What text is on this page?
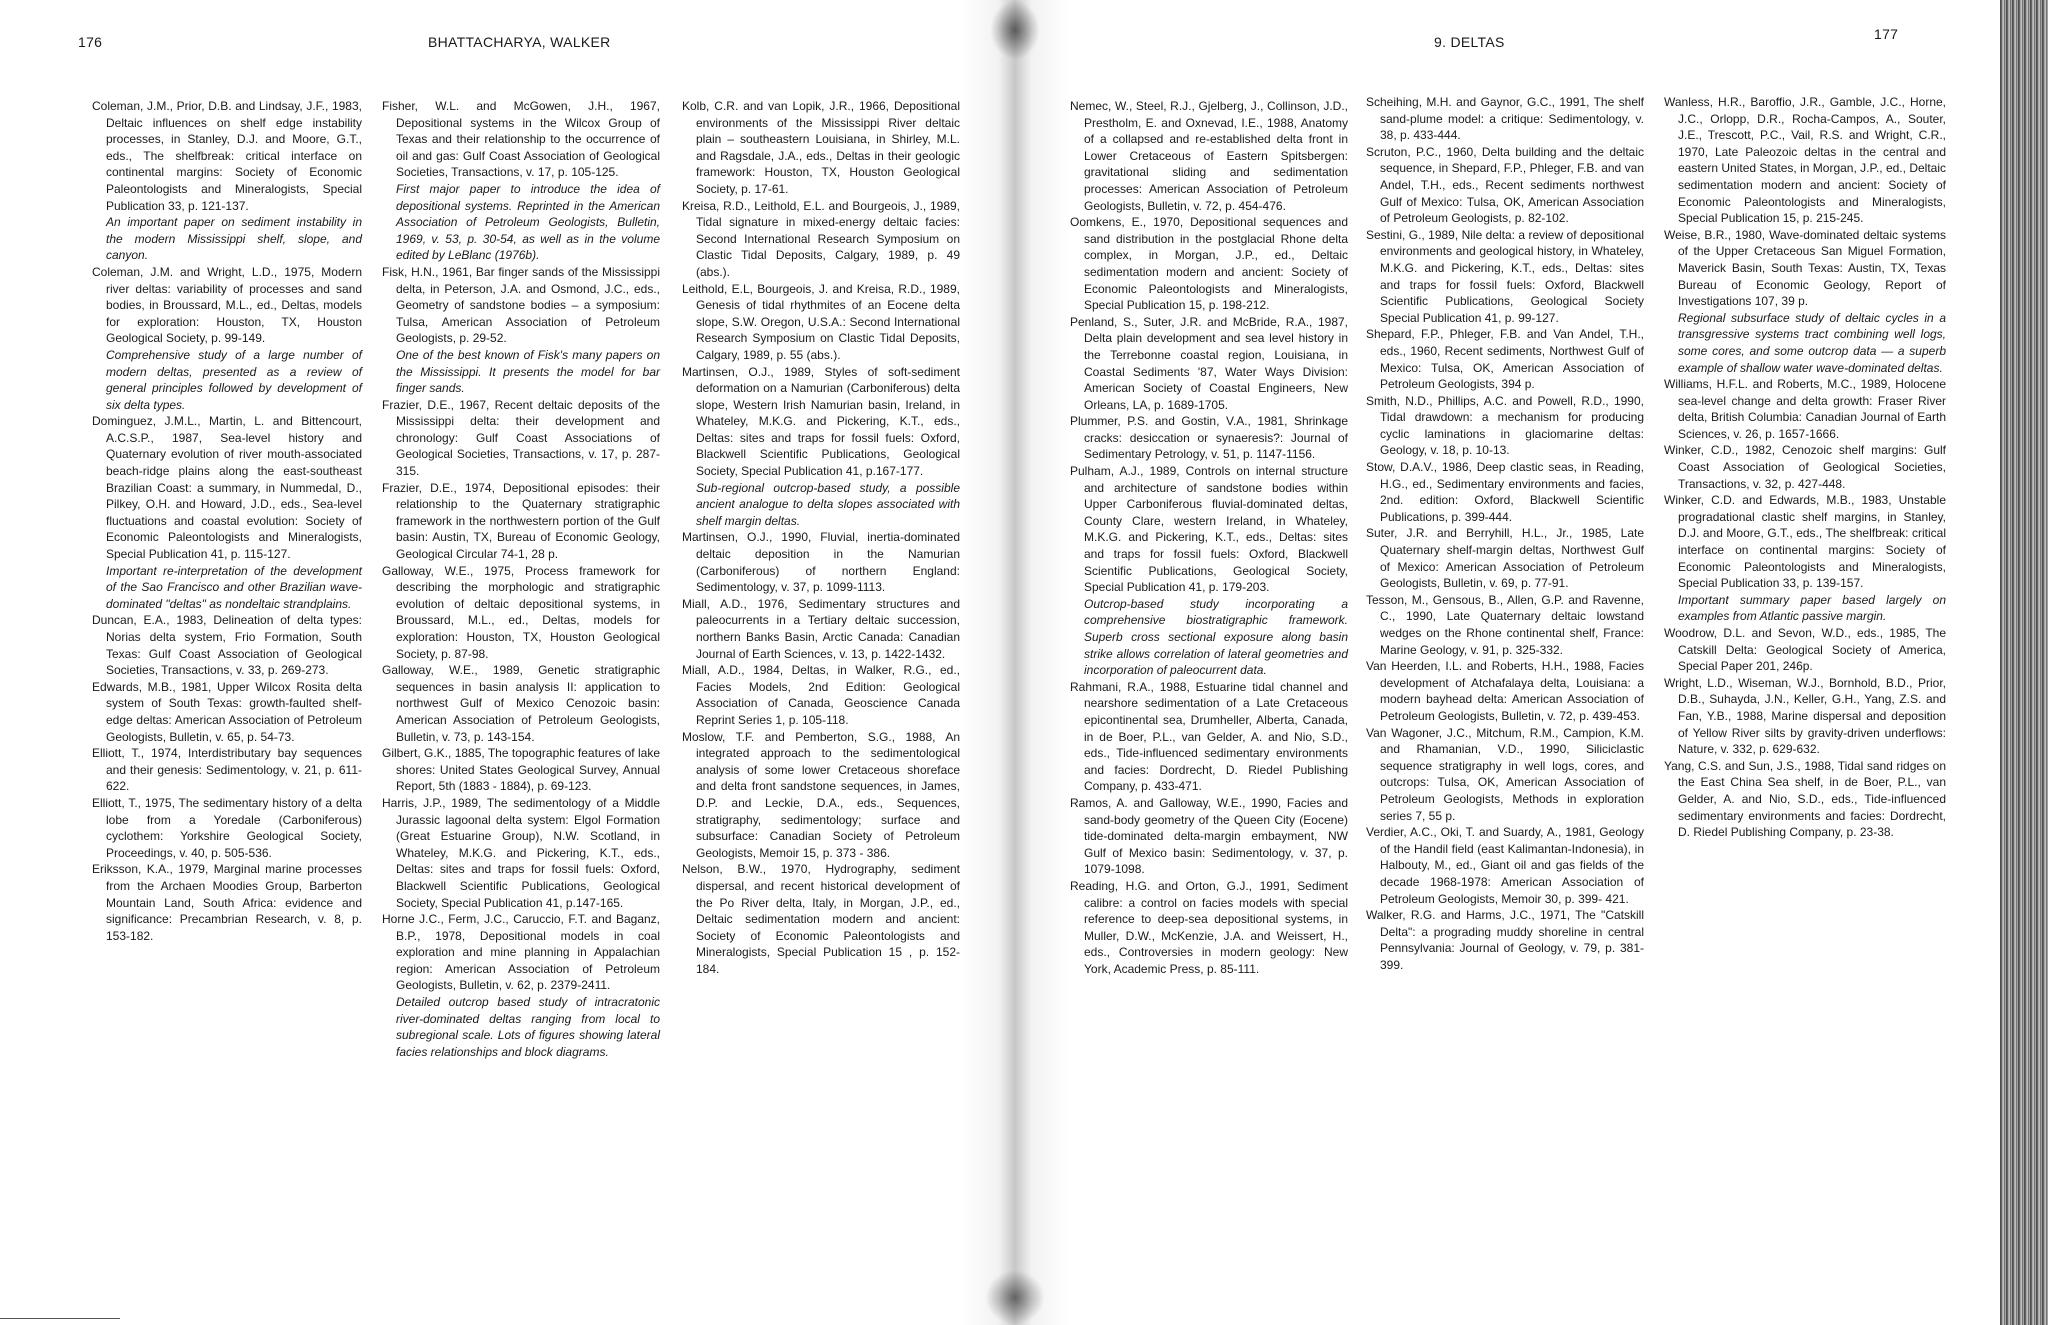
176	BHATTACHARYA, WALKER

Coleman, J.M., Prior, D.B. and Lindsay, J.F., 1983, Deltaic influences on shelf edge instability processes, in Stanley, D.J. and Moore, G.T., eds., The shelfbreak: critical interface on continental margins: Society of Economic Paleontologists and Mineralogists, Special Publication 33, p. 121-137.

An important paper on sediment instability in the modern Mississippi shelf, slope, and canyon.

Coleman, J.M. and Wright, L.D., 1975, Modern river deltas: variability of processes and sand bodies, in Broussard, M.L., ed., Deltas, models for exploration: Houston, TX, Houston Geological Society, p. 99-149.

Comprehensive study of a large number of modern deltas, presented as a review of general principles followed by development of six delta types.

Dominguez, J.M.L., Martin, L. and Bittencourt, A.C.S.P., 1987, Sea-level history and Quaternary evolution of river mouth-associated beach-ridge plains along the east-southeast Brazilian Coast: a summary, in Nummedal, D., Pilkey, O.H. and Howard, J.D., eds., Sea-level fluctuations and coastal evolution: Society of Economic Paleontologists and Mineralogists, Special Publication 41, p. 115-127.

Important re-interpretation of the development of the Sao Francisco and other Brazilian wave-dominated "deltas" as nondeltaic strandplains.

Duncan, E.A., 1983, Delineation of delta types: Norias delta system, Frio Formation, South Texas: Gulf Coast Association of Geological Societies, Transactions, v. 33, p. 269-273.

Edwards, M.B., 1981, Upper Wilcox Rosita delta system of South Texas: growth-faulted shelf-edge deltas: American Association of Petroleum Geologists, Bulletin, v. 65, p. 54-73.

Elliott, T., 1974, Interdistributary bay sequences and their genesis: Sedimentology, v. 21, p. 611-622.

Elliott, T., 1975, The sedimentary history of a delta lobe from a Yoredale (Carboniferous) cyclothem: Yorkshire Geological Society, Proceedings, v. 40, p. 505-536.

Eriksson, K.A., 1979, Marginal marine processes from the Archaen Moodies Group, Barberton Mountain Land, South Africa: evidence and significance: Precambrian Research, v. 8, p. 153-182.

Fisher, W.L. and McGowen, J.H., 1967, Depositional systems in the Wilcox Group of Texas and their relationship to the occurrence of oil and gas: Gulf Coast Association of Geological Societies, Transactions, v. 17, p. 105-125.

First major paper to introduce the idea of depositional systems. Reprinted in the American Association of Petroleum Geologists, Bulletin, 1969, v. 53, p. 30-54, as well as in the volume edited by LeBlanc (1976b).

Fisk, H.N., 1961, Bar finger sands of the Mississippi delta, in Peterson, J.A. and Osmond, J.C., eds., Geometry of sandstone bodies – a symposium: Tulsa, American Association of Petroleum Geologists, p. 29-52.

One of the best known of Fisk's many papers on the Mississippi. It presents the model for bar finger sands.

Frazier, D.E., 1967, Recent deltaic deposits of the Mississippi delta: their development and chronology: Gulf Coast Associations of Geological Societies, Transactions, v. 17, p. 287-315.

Frazier, D.E., 1974, Depositional episodes: their relationship to the Quaternary stratigraphic framework in the northwestern portion of the Gulf basin: Austin, TX, Bureau of Economic Geology, Geological Circular 74-1, 28 p.

Galloway, W.E., 1975, Process framework for describing the morphologic and stratigraphic evolution of deltaic depositional systems, in Broussard, M.L., ed., Deltas, models for exploration: Houston, TX, Houston Geological Society, p. 87-98.

Galloway, W.E., 1989, Genetic stratigraphic sequences in basin analysis II: application to northwest Gulf of Mexico Cenozoic basin: American Association of Petroleum Geologists, Bulletin, v. 73, p. 143-154.

Gilbert, G.K., 1885, The topographic features of lake shores: United States Geological Survey, Annual Report, 5th (1883 - 1884), p. 69-123.

Harris, J.P., 1989, The sedimentology of a Middle Jurassic lagoonal delta system: Elgol Formation (Great Estuarine Group), N.W. Scotland, in Whateley, M.K.G. and Pickering, K.T., eds., Deltas: sites and traps for fossil fuels: Oxford, Blackwell Scientific Publications, Geological Society, Special Publication 41, p.147-165.

Horne J.C., Ferm, J.C., Caruccio, F.T. and Baganz, B.P., 1978, Depositional models in coal exploration and mine planning in Appalachian region: American Association of Petroleum Geologists, Bulletin, v. 62, p. 2379-2411.

Detailed outcrop based study of intracratonic river-dominated deltas ranging from local to subregional scale. Lots of figures showing lateral facies relationships and block diagrams.

Kolb, C.R. and van Lopik, J.R., 1966, Depositional environments of the Mississippi River deltaic plain – southeastern Louisiana, in Shirley, M.L. and Ragsdale, J.A., eds., Deltas in their geologic framework: Houston, TX, Houston Geological Society, p. 17-61.

Kreisa, R.D., Leithold, E.L. and Bourgeois, J., 1989, Tidal signature in mixed-energy deltaic facies: Second International Research Symposium on Clastic Tidal Deposits, Calgary, 1989, p. 49 (abs.).

Leithold, E.L, Bourgeois, J. and Kreisa, R.D., 1989, Genesis of tidal rhythmites of an Eocene delta slope, S.W. Oregon, U.S.A.: Second International Research Symposium on Clastic Tidal Deposits, Calgary, 1989, p. 55 (abs.).

Martinsen, O.J., 1989, Styles of soft-sediment deformation on a Namurian (Carboniferous) delta slope, Western Irish Namurian basin, Ireland, in Whateley, M.K.G. and Pickering, K.T., eds., Deltas: sites and traps for fossil fuels: Oxford, Blackwell Scientific Publications, Geological Society, Special Publication 41, p.167-177.

Sub-regional outcrop-based study, a possible ancient analogue to delta slopes associated with shelf margin deltas.

Martinsen, O.J., 1990, Fluvial, inertia-dominated deltaic deposition in the Namurian (Carboniferous) of northern England: Sedimentology, v. 37, p. 1099-1113.

Miall, A.D., 1976, Sedimentary structures and paleocurrents in a Tertiary deltaic succession, northern Banks Basin, Arctic Canada: Canadian Journal of Earth Sciences, v. 13, p. 1422-1432.

Miall, A.D., 1984, Deltas, in Walker, R.G., ed., Facies Models, 2nd Edition: Geological Association of Canada, Geoscience Canada Reprint Series 1, p. 105-118.

Moslow, T.F. and Pemberton, S.G., 1988, An integrated approach to the sedimentological analysis of some lower Cretaceous shoreface and delta front sandstone sequences, in James, D.P. and Leckie, D.A., eds., Sequences, stratigraphy, sedimentology; surface and subsurface: Canadian Society of Petroleum Geologists, Memoir 15, p. 373 - 386.

Nelson, B.W., 1970, Hydrography, sediment dispersal, and recent historical development of the Po River delta, Italy, in Morgan, J.P., ed., Deltaic sedimentation modern and ancient: Society of Economic Paleontologists and Mineralogists, Special Publication 15 , p. 152-184.

9. DELTAS	177

Nemec, W., Steel, R.J., Gjelberg, J., Collinson, J.D., Prestholm, E. and Oxnevad, I.E., 1988, Anatomy of a collapsed and re-established delta front in Lower Cretaceous of Eastern Spitsbergen: gravitational sliding and sedimentation processes: American Association of Petroleum Geologists, Bulletin, v. 72, p. 454-476.

Oomkens, E., 1970, Depositional sequences and sand distribution in the postglacial Rhone delta complex, in Morgan, J.P., ed., Deltaic sedimentation modern and ancient: Society of Economic Paleontologists and Mineralogists, Special Publication 15, p. 198-212.

Penland, S., Suter, J.R. and McBride, R.A., 1987, Delta plain development and sea level history in the Terrebonne coastal region, Louisiana, in Coastal Sediments '87, Water Ways Division: American Society of Coastal Engineers, New Orleans, LA, p. 1689-1705.

Plummer, P.S. and Gostin, V.A., 1981, Shrinkage cracks: desiccation or synaeresis?: Journal of Sedimentary Petrology, v. 51, p. 1147-1156.

Pulham, A.J., 1989, Controls on internal structure and architecture of sandstone bodies within Upper Carboniferous fluvial-dominated deltas, County Clare, western Ireland, in Whateley, M.K.G. and Pickering, K.T., eds., Deltas: sites and traps for fossil fuels: Oxford, Blackwell Scientific Publications, Geological Society, Special Publication 41, p. 179-203.

Outcrop-based study incorporating a comprehensive biostratigraphic framework. Superb cross sectional exposure along basin strike allows correlation of lateral geometries and incorporation of paleocurrent data.

Rahmani, R.A., 1988, Estuarine tidal channel and nearshore sedimentation of a Late Cretaceous epicontinental sea, Drumheller, Alberta, Canada, in de Boer, P.L., van Gelder, A. and Nio, S.D., eds., Tide-influenced sedimentary environments and facies: Dordrecht, D. Riedel Publishing Company, p. 433-471.

Ramos, A. and Galloway, W.E., 1990, Facies and sand-body geometry of the Queen City (Eocene) tide-dominated delta-margin embayment, NW Gulf of Mexico basin: Sedimentology, v. 37, p. 1079-1098.

Reading, H.G. and Orton, G.J., 1991, Sediment calibre: a control on facies models with special reference to deep-sea depositional systems, in Muller, D.W., McKenzie, J.A. and Weissert, H., eds., Controversies in modern geology: New York, Academic Press, p. 85-111.

Scheihing, M.H. and Gaynor, G.C., 1991, The shelf sand-plume model: a critique: Sedimentology, v. 38, p. 433-444.

Scruton, P.C., 1960, Delta building and the deltaic sequence, in Shepard, F.P., Phleger, F.B. and van Andel, T.H., eds., Recent sediments northwest Gulf of Mexico: Tulsa, OK, American Association of Petroleum Geologists, p. 82-102.

Sestini, G., 1989, Nile delta: a review of depositional environments and geological history, in Whateley, M.K.G. and Pickering, K.T., eds., Deltas: sites and traps for fossil fuels: Oxford, Blackwell Scientific Publications, Geological Society Special Publication 41, p. 99-127.

Shepard, F.P., Phleger, F.B. and Van Andel, T.H., eds., 1960, Recent sediments, Northwest Gulf of Mexico: Tulsa, OK, American Association of Petroleum Geologists, 394 p.

Smith, N.D., Phillips, A.C. and Powell, R.D., 1990, Tidal drawdown: a mechanism for producing cyclic laminations in glaciomarine deltas: Geology, v. 18, p. 10-13.

Stow, D.A.V., 1986, Deep clastic seas, in Reading, H.G., ed., Sedimentary environments and facies, 2nd. edition: Oxford, Blackwell Scientific Publications, p. 399-444.

Suter, J.R. and Berryhill, H.L., Jr., 1985, Late Quaternary shelf-margin deltas, Northwest Gulf of Mexico: American Association of Petroleum Geologists, Bulletin, v. 69, p. 77-91.

Tesson, M., Gensous, B., Allen, G.P. and Ravenne, C., 1990, Late Quaternary deltaic lowstand wedges on the Rhone continental shelf, France: Marine Geology, v. 91, p. 325-332.

Van Heerden, I.L. and Roberts, H.H., 1988, Facies development of Atchafalaya delta, Louisiana: a modern bayhead delta: American Association of Petroleum Geologists, Bulletin, v. 72, p. 439-453.

Van Wagoner, J.C., Mitchum, R.M., Campion, K.M. and Rhamanian, V.D., 1990, Siliciclastic sequence stratigraphy in well logs, cores, and outcrops: Tulsa, OK, American Association of Petroleum Geologists, Methods in exploration series 7, 55 p.

Verdier, A.C., Oki, T. and Suardy, A., 1981, Geology of the Handil field (east Kalimantan-Indonesia), in Halbouty, M., ed., Giant oil and gas fields of the decade 1968-1978: American Association of Petroleum Geologists, Memoir 30, p. 399- 421.

Walker, R.G. and Harms, J.C., 1971, The "Catskill Delta": a prograding muddy shoreline in central Pennsylvania: Journal of Geology, v. 79, p. 381-399.

Wanless, H.R., Baroffio, J.R., Gamble, J.C., Horne, J.C., Orlopp, D.R., Rocha-Campos, A., Souter, J.E., Trescott, P.C., Vail, R.S. and Wright, C.R., 1970, Late Paleozoic deltas in the central and eastern United States, in Morgan, J.P., ed., Deltaic sedimentation modern and ancient: Society of Economic Paleontologists and Mineralogists, Special Publication 15, p. 215-245.

Weise, B.R., 1980, Wave-dominated deltaic systems of the Upper Cretaceous San Miguel Formation, Maverick Basin, South Texas: Austin, TX, Texas Bureau of Economic Geology, Report of Investigations 107, 39 p.

Regional subsurface study of deltaic cycles in a transgressive systems tract combining well logs, some cores, and some outcrop data — a superb example of shallow water wave-dominated deltas.

Williams, H.F.L. and Roberts, M.C., 1989, Holocene sea-level change and delta growth: Fraser River delta, British Columbia: Canadian Journal of Earth Sciences, v. 26, p. 1657-1666.

Winker, C.D., 1982, Cenozoic shelf margins: Gulf Coast Association of Geological Societies, Transactions, v. 32, p. 427-448.

Winker, C.D. and Edwards, M.B., 1983, Unstable progradational clastic shelf margins, in Stanley, D.J. and Moore, G.T., eds., The shelfbreak: critical interface on continental margins: Society of Economic Paleontologists and Mineralogists, Special Publication 33, p. 139-157.

Important summary paper based largely on examples from Atlantic passive margin.

Woodrow, D.L. and Sevon, W.D., eds., 1985, The Catskill Delta: Geological Society of America, Special Paper 201, 246p.

Wright, L.D., Wiseman, W.J., Bornhold, B.D., Prior, D.B., Suhayda, J.N., Keller, G.H., Yang, Z.S. and Fan, Y.B., 1988, Marine dispersal and deposition of Yellow River silts by gravity-driven underflows: Nature, v. 332, p. 629-632.

Yang, C.S. and Sun, J.S., 1988, Tidal sand ridges on the East China Sea shelf, in de Boer, P.L., van Gelder, A. and Nio, S.D., eds., Tide-influenced sedimentary environments and facies: Dordrecht, D. Riedel Publishing Company, p. 23-38.
